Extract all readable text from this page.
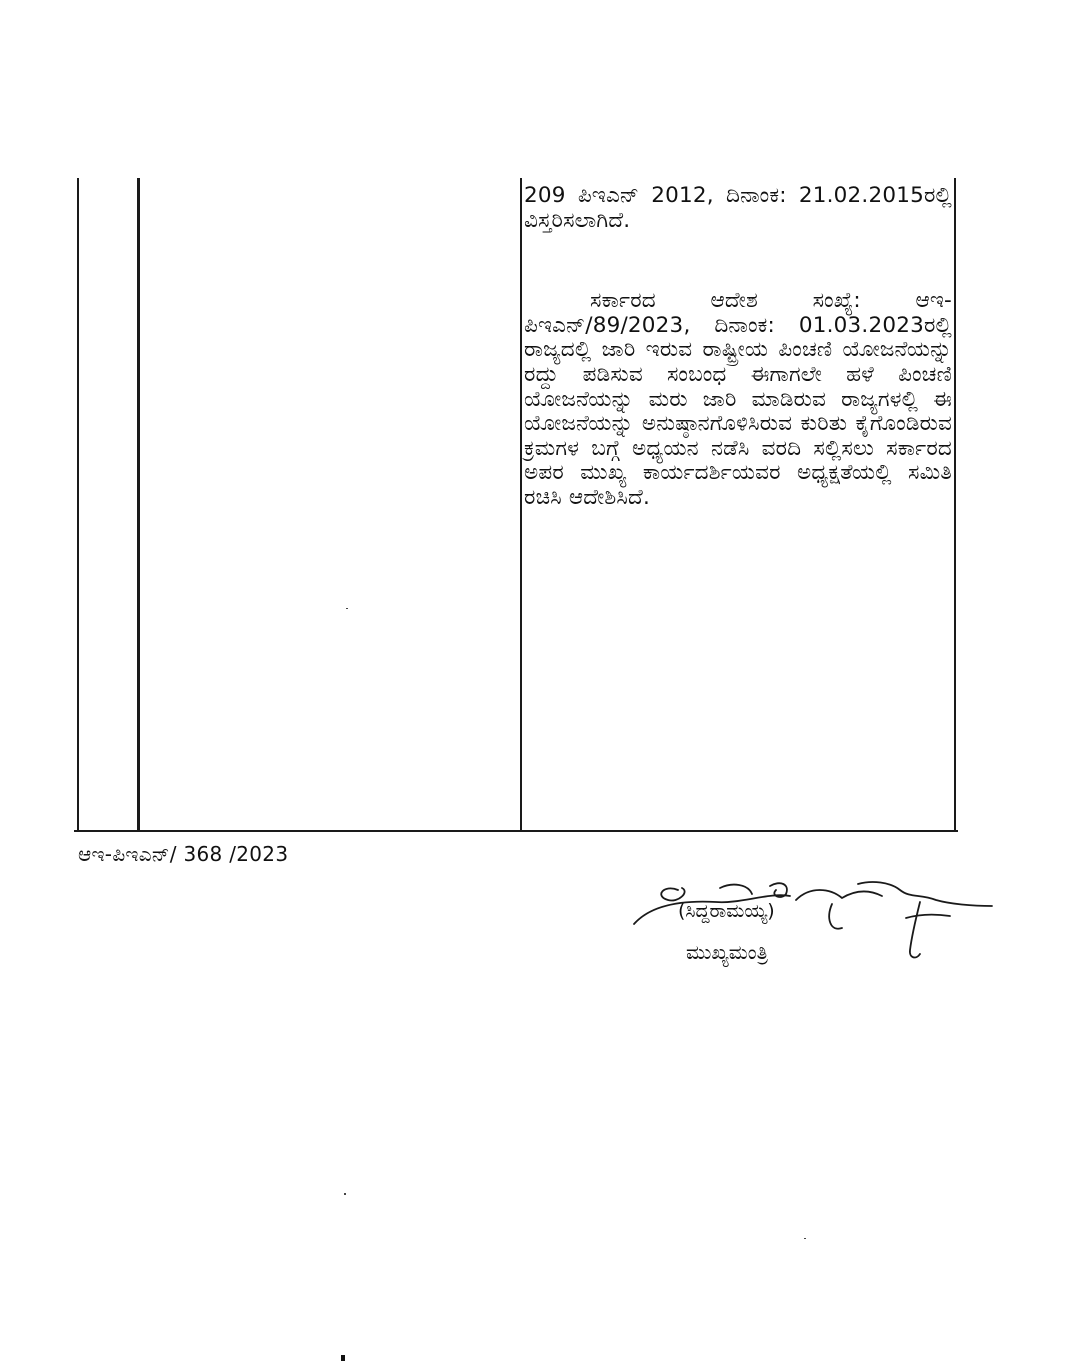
209 ಪಿಇಎನ್ 2012, ದಿನಾಂಕ: 21.02.2015ರಲ್ಲಿ ವಿಸ್ತರಿಸಲಾಗಿದೆ.

ಸರ್ಕಾರದ ಆದೇಶ ಸಂಖ್ಯೆ: ಆಇ-ಪಿಇಎನ್/89/2023, ದಿನಾಂಕ: 01.03.2023ರಲ್ಲಿ ರಾಜ್ಯದಲ್ಲಿ ಜಾರಿ ಇರುವ ರಾಷ್ಟ್ರೀಯ ಪಿಂಚಣಿ ಯೋಜನೆಯನ್ನು ರದ್ದು ಪಡಿಸುವ ಸಂಬಂಧ ಈಗಾಗಲೇ ಹಳೆ ಪಿಂಚಣಿ ಯೋಜನೆಯನ್ನು ಮರು ಜಾರಿ ಮಾಡಿರುವ ರಾಜ್ಯಗಳಲ್ಲಿ ಈ ಯೋಜನೆಯನ್ನು ಅನುಷ್ಠಾನಗೊಳಿಸಿರುವ ಕುರಿತು ಕೈಗೊಂಡಿರುವ ಕ್ರಮಗಳ ಬಗ್ಗೆ ಅಧ್ಯಯನ ನಡೆಸಿ ವರದಿ ಸಲ್ಲಿಸಲು ಸರ್ಕಾರದ ಅಪರ ಮುಖ್ಯ ಕಾರ್ಯದರ್ಶಿಯವರ ಅಧ್ಯಕ್ಷತೆಯಲ್ಲಿ ಸಮಿತಿ ರಚಿಸಿ ಆದೇಶಿಸಿದೆ.

ಆಇ-ಪಿಇಎನ್/ 368 /2023
(ಸಿದ್ದರಾಮಯ್ಯ)
ಮುಖ್ಯಮಂತ್ರಿ
